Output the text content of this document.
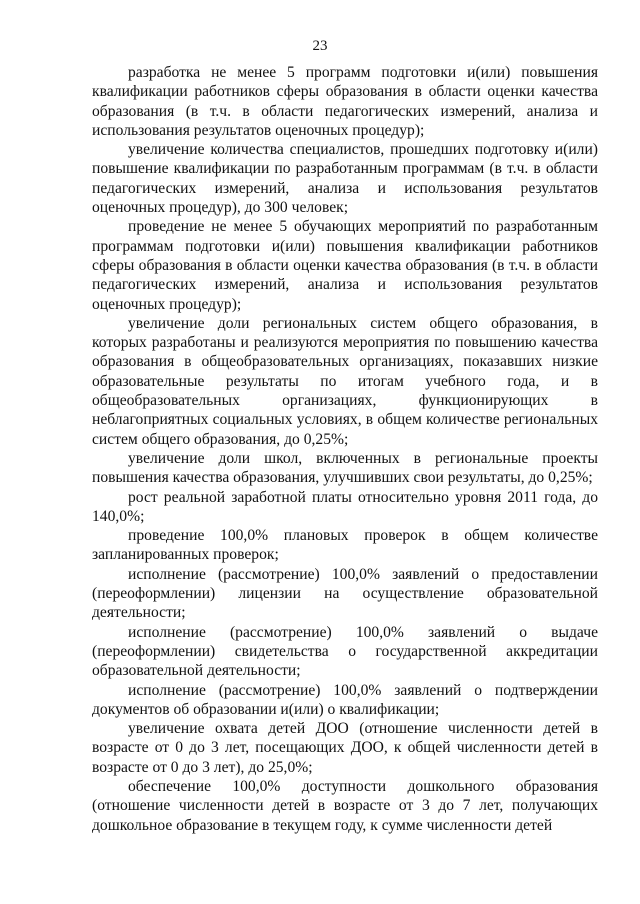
23

разработка не менее 5 программ подготовки и(или) повышения квалификации работников сферы образования в области оценки качества образования (в т.ч. в области педагогических измерений, анализа и использования результатов оценочных процедур);

увеличение количества специалистов, прошедших подготовку и(или) повышение квалификации по разработанным программам (в т.ч. в области педагогических измерений, анализа и использования результатов оценочных процедур), до 300 человек;

проведение не менее 5 обучающих мероприятий по разработанным программам подготовки и(или) повышения квалификации работников сферы образования в области оценки качества образования (в т.ч. в области педагогических измерений, анализа и использования результатов оценочных процедур);

увеличение доли региональных систем общего образования, в которых разработаны и реализуются мероприятия по повышению качества образования в общеобразовательных организациях, показавших низкие образовательные результаты по итогам учебного года, и в общеобразовательных организациях, функционирующих в неблагоприятных социальных условиях, в общем количестве региональных систем общего образования, до 0,25%;

увеличение доли школ, включенных в региональные проекты повышения качества образования, улучшивших свои результаты, до 0,25%;

рост реальной заработной платы относительно уровня 2011 года, до 140,0%;

проведение 100,0% плановых проверок в общем количестве запланированных проверок;

исполнение (рассмотрение) 100,0% заявлений о предоставлении (переоформлении) лицензии на осуществление образовательной деятельности;

исполнение (рассмотрение) 100,0% заявлений о выдаче (переоформлении) свидетельства о государственной аккредитации образовательной деятельности;

исполнение (рассмотрение) 100,0% заявлений о подтверждении документов об образовании и(или) о квалификации;

увеличение охвата детей ДОО (отношение численности детей в возрасте от 0 до 3 лет, посещающих ДОО, к общей численности детей в возрасте от 0 до 3 лет), до 25,0%;

обеспечение 100,0% доступности дошкольного образования (отношение численности детей в возрасте от 3 до 7 лет, получающих дошкольное образование в текущем году, к сумме численности детей
